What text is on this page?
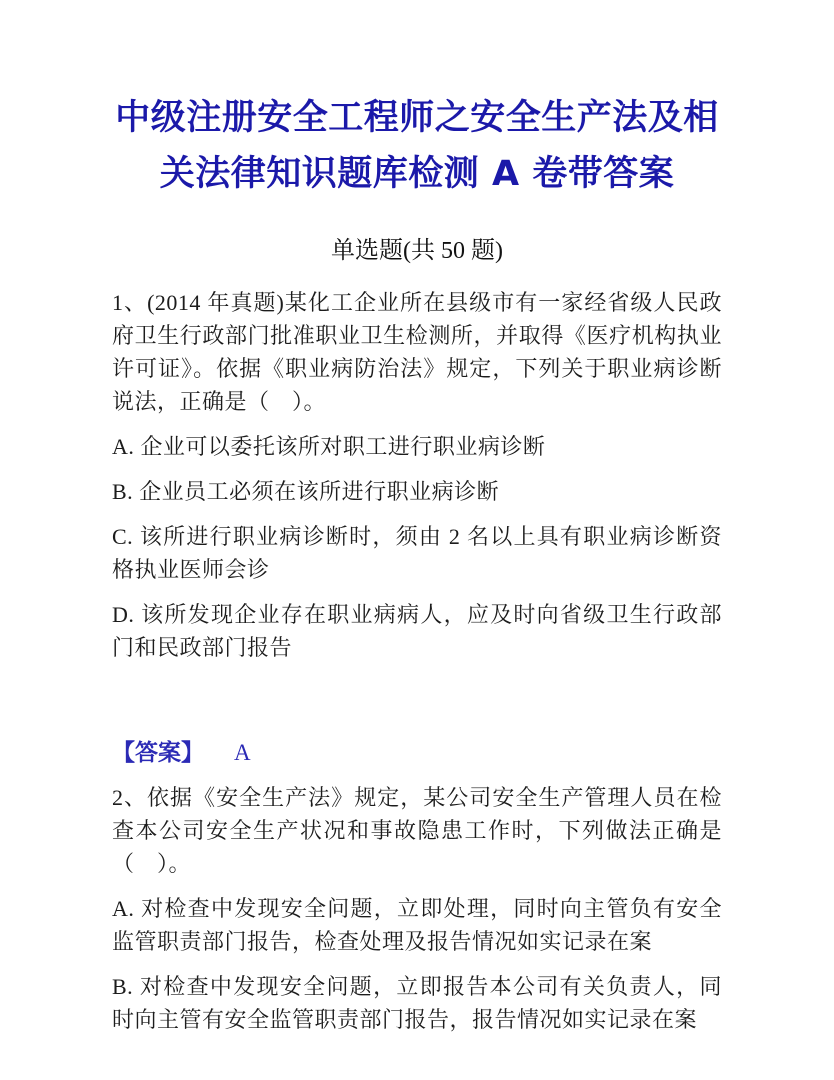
中级注册安全工程师之安全生产法及相关法律知识题库检测 A 卷带答案
单选题(共 50 题)

1、(2014 年真题)某化工企业所在县级市有一家经省级人民政府卫生行政部门批准职业卫生检测所，并取得《医疗机构执业许可证》。依据《职业病防治法》规定，下列关于职业病诊断说法，正确是（　）。

A. 企业可以委托该所对职工进行职业病诊断

B. 企业员工必须在该所进行职业病诊断

C. 该所进行职业病诊断时，须由 2 名以上具有职业病诊断资格执业医师会诊

D. 该所发现企业存在职业病病人，应及时向省级卫生行政部门和民政部门报告

【答案】 A

2、依据《安全生产法》规定，某公司安全生产管理人员在检查本公司安全生产状况和事故隐患工作时，下列做法正确是（　）。

A. 对检查中发现安全问题，立即处理，同时向主管负有安全监管职责部门报告，检查处理及报告情况如实记录在案

B. 对检查中发现安全问题，立即报告本公司有关负责人，同时向主管有安全监管职责部门报告，报告情况如实记录在案
